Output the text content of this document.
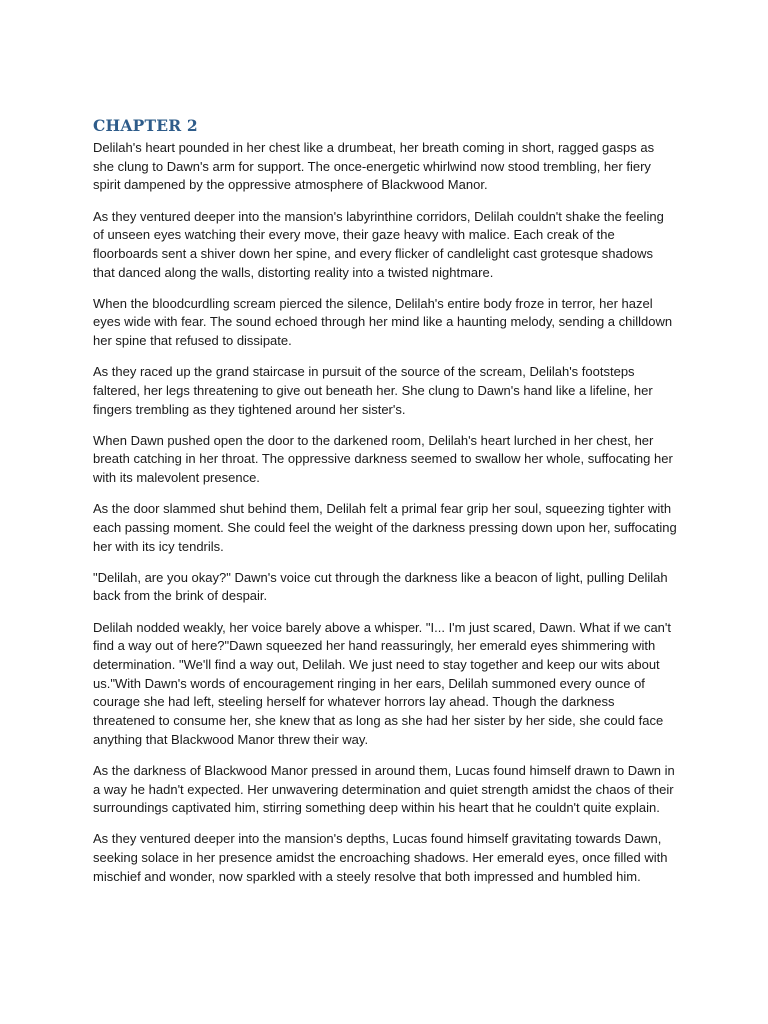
CHAPTER 2

Delilah's heart pounded in her chest like a drumbeat, her breath coming in short, ragged gasps as she clung to Dawn's arm for support. The once-energetic whirlwind now stood trembling, her fiery spirit dampened by the oppressive atmosphere of Blackwood Manor.

As they ventured deeper into the mansion's labyrinthine corridors, Delilah couldn't shake the feeling of unseen eyes watching their every move, their gaze heavy with malice. Each creak of the floorboards sent a shiver down her spine, and every flicker of candlelight cast grotesque shadows that danced along the walls, distorting reality into a twisted nightmare.

When the bloodcurdling scream pierced the silence, Delilah's entire body froze in terror, her hazel eyes wide with fear. The sound echoed through her mind like a haunting melody, sending a chilldown her spine that refused to dissipate.

As they raced up the grand staircase in pursuit of the source of the scream, Delilah's footsteps faltered, her legs threatening to give out beneath her. She clung to Dawn's hand like a lifeline, her fingers trembling as they tightened around her sister's.

When Dawn pushed open the door to the darkened room, Delilah's heart lurched in her chest, her breath catching in her throat. The oppressive darkness seemed to swallow her whole, suffocating her with its malevolent presence.

As the door slammed shut behind them, Delilah felt a primal fear grip her soul, squeezing tighter with each passing moment. She could feel the weight of the darkness pressing down upon her, suffocating her with its icy tendrils.

"Delilah, are you okay?" Dawn's voice cut through the darkness like a beacon of light, pulling Delilah back from the brink of despair.

Delilah nodded weakly, her voice barely above a whisper. "I... I'm just scared, Dawn. What if we can't find a way out of here?"Dawn squeezed her hand reassuringly, her emerald eyes shimmering with determination. "We'll find a way out, Delilah. We just need to stay together and keep our wits about us."With Dawn's words of encouragement ringing in her ears, Delilah summoned every ounce of courage she had left, steeling herself for whatever horrors lay ahead. Though the darkness threatened to consume her, she knew that as long as she had her sister by her side, she could face anything that Blackwood Manor threw their way.

As the darkness of Blackwood Manor pressed in around them, Lucas found himself drawn to Dawn in a way he hadn't expected. Her unwavering determination and quiet strength amidst the chaos of their surroundings captivated him, stirring something deep within his heart that he couldn't quite explain.

As they ventured deeper into the mansion's depths, Lucas found himself gravitating towards Dawn, seeking solace in her presence amidst the encroaching shadows. Her emerald eyes, once filled with mischief and wonder, now sparkled with a steely resolve that both impressed and humbled him.
